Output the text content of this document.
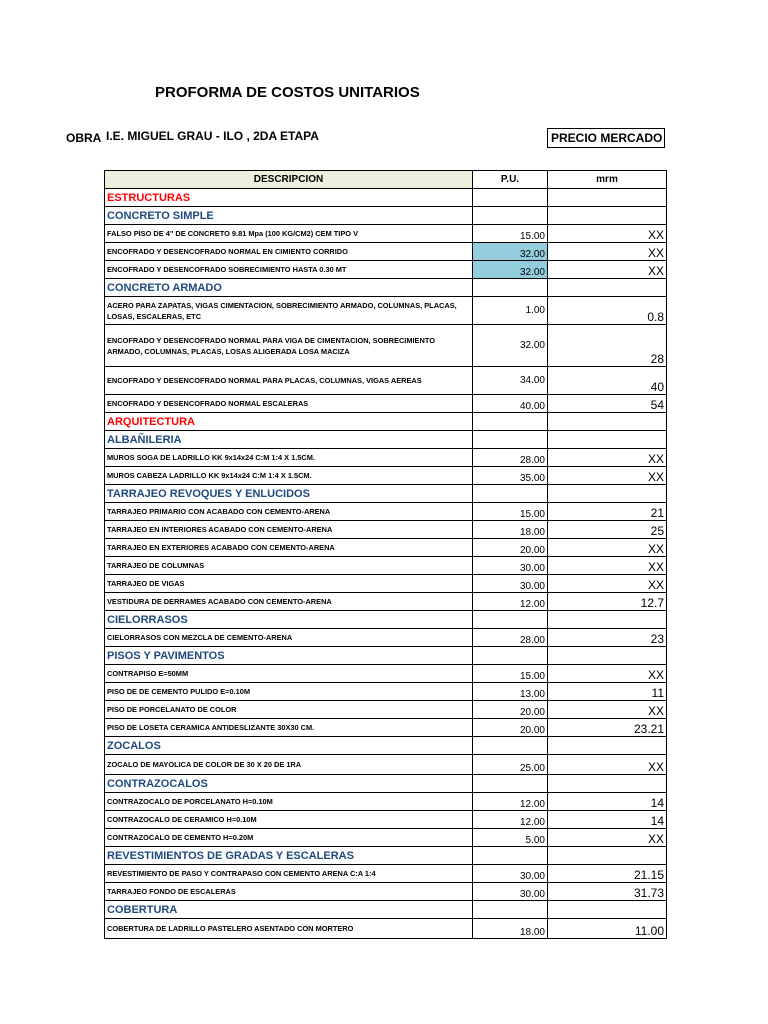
PROFORMA DE COSTOS UNITARIOS
OBRA I.E. MIGUEL GRAU - ILO , 2DA ETAPA	PRECIO MERCADO
DESCRIPCION	P.U.	mrm
ESTRUCTURAS		
CONCRETO SIMPLE		
FALSO PISO DE 4" DE CONCRETO 9.81 Mpa (100 KG/CM2) CEM TIPO V	15.00	XX
ENCOFRADO Y DESENCOFRADO NORMAL EN CIMIENTO CORRIDO	32.00	XX
ENCOFRADO Y DESENCOFRADO SOBRECIMIENTO HASTA 0.30 MT	32.00	XX
CONCRETO ARMADO		
ACERO PARA ZAPATAS, VIGAS CIMENTACION, SOBRECIMIENTO ARMADO, COLUMNAS, PLACAS, LOSAS, ESCALERAS, ETC	1.00	0.8
ENCOFRADO Y DESENCOFRADO NORMAL PARA VIGA DE CIMENTACION, SOBRECIMIENTO ARMADO, COLUMNAS, PLACAS, LOSAS ALIGERADA LOSA MACIZA	32.00	28
ENCOFRADO Y DESENCOFRADO NORMAL PARA PLACAS, COLUMNAS, VIGAS AEREAS	34.00	40
ENCOFRADO Y DESENCOFRADO NORMAL ESCALERAS	40.00	54
ARQUITECTURA		
ALBAÑILERIA		
MUROS SOGA DE LADRILLO KK 9x14x24 C:M 1:4 X 1.5CM.	28.00	XX
MUROS CABEZA LADRILLO KK 9x14x24 C:M 1:4 X 1.5CM.	35.00	XX
TARRAJEO REVOQUES Y ENLUCIDOS		
TARRAJEO PRIMARIO CON ACABADO CON CEMENTO-ARENA	15.00	21
TARRAJEO EN INTERIORES ACABADO CON CEMENTO-ARENA	18.00	25
TARRAJEO EN EXTERIORES ACABADO CON CEMENTO-ARENA	20.00	XX
TARRAJEO DE COLUMNAS	30.00	XX
TARRAJEO DE VIGAS	30.00	XX
VESTIDURA DE DERRAMES ACABADO CON CEMENTO-ARENA	12.00	12.7
CIELORRASOS		
CIELORRASOS CON MEZCLA DE CEMENTO-ARENA	28.00	23
PISOS Y PAVIMENTOS		
CONTRAPISO E=50MM	15.00	XX
PISO DE DE CEMENTO PULIDO E=0.10M	13.00	11
PISO DE PORCELANATO DE COLOR	20.00	XX
PISO DE LOSETA CERAMICA ANTIDESLIZANTE 30X30 CM.	20.00	23.21
ZOCALOS		
ZOCALO DE MAYOLICA DE COLOR DE 30 X 20 DE 1RA	25.00	XX
CONTRAZOCALOS		
CONTRAZOCALO DE PORCELANATO H=0.10M	12.00	14
CONTRAZOCALO DE CERAMICO H=0.10M	12.00	14
CONTRAZOCALO DE CEMENTO H=0.20M	5.00	XX
REVESTIMIENTOS DE GRADAS Y ESCALERAS		
REVESTIMIENTO DE PASO Y CONTRAPASO CON CEMENTO ARENA C:A 1:4	30.00	21.15
TARRAJEO FONDO DE ESCALERAS	30.00	31.73
COBERTURA		
COBERTURA DE LADRILLO PASTELERO ASENTADO CON MORTERO	18.00	11.00
